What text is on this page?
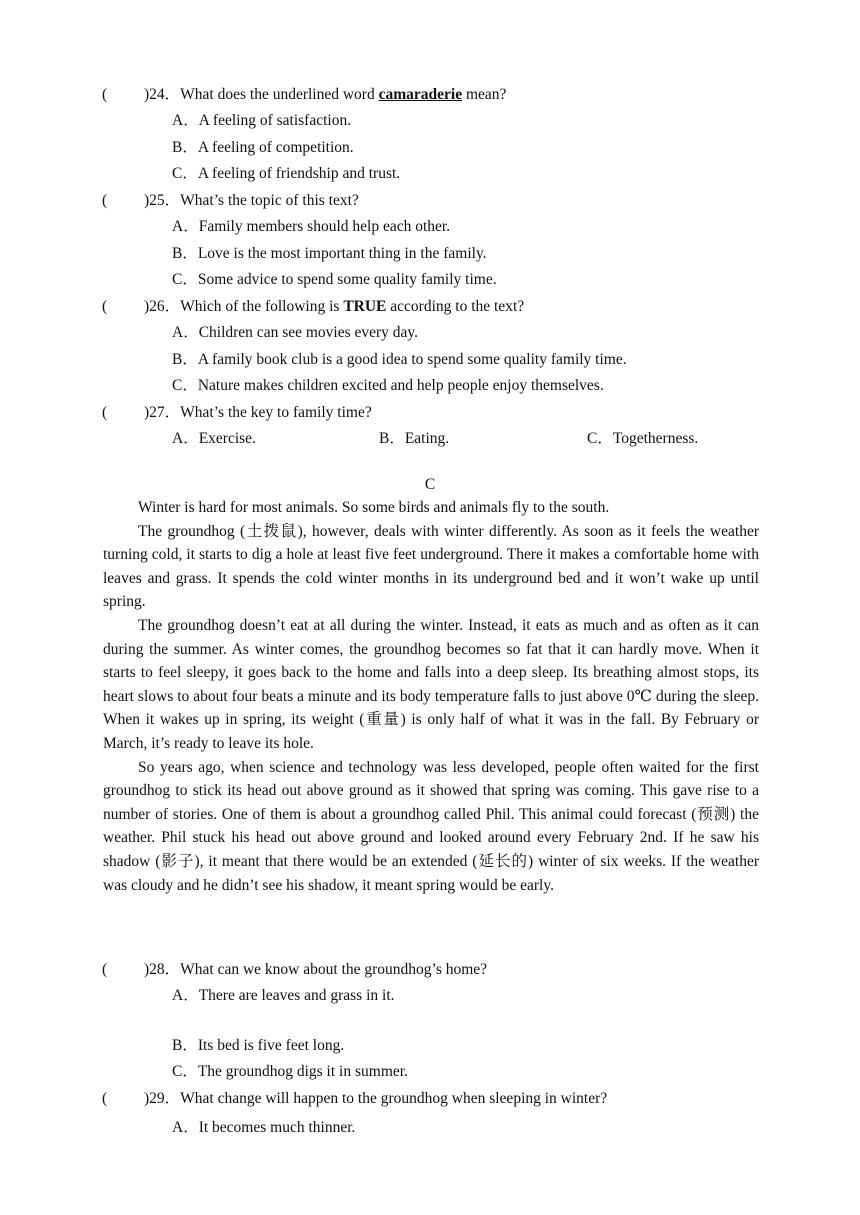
( )24．What does the underlined word camaraderie mean?
A．A feeling of satisfaction.
B．A feeling of competition.
C．A feeling of friendship and trust.
( )25．What’s the topic of this text?
A．Family members should help each other.
B．Love is the most important thing in the family.
C．Some advice to spend some quality family time.
( )26．Which of the following is TRUE according to the text?
A．Children can see movies every day.
B．A family book club is a good idea to spend some quality family time.
C．Nature makes children excited and help people enjoy themselves.
( )27．What’s the key to family time?
A．Exercise.	B．Eating.	C．Togetherness.
C

Winter is hard for most animals. So some birds and animals fly to the south.

The groundhog (土拨鼠), however, deals with winter differently. As soon as it feels the weather turning cold, it starts to dig a hole at least five feet underground. There it makes a comfortable home with leaves and grass. It spends the cold winter months in its underground bed and it won’t wake up until spring.

The groundhog doesn’t eat at all during the winter. Instead, it eats as much and as often as it can during the summer. As winter comes, the groundhog becomes so fat that it can hardly move. When it starts to feel sleepy, it goes back to the home and falls into a deep sleep. Its breathing almost stops, its heart slows to about four beats a minute and its body temperature falls to just above 0℃ during the sleep. When it wakes up in spring, its weight (重量) is only half of what it was in the fall. By February or March, it’s ready to leave its hole.

So years ago, when science and technology was less developed, people often waited for the first groundhog to stick its head out above ground as it showed that spring was coming. This gave rise to a number of stories. One of them is about a groundhog called Phil. This animal could forecast (预测) the weather. Phil stuck his head out above ground and looked around every February 2nd. If he saw his shadow (影子), it meant that there would be an extended (延长的) winter of six weeks. If the weather was cloudy and he didn’t see his shadow, it meant spring would be early.

( )28．What can we know about the groundhog’s home?
A．There are leaves and grass in it.
B．Its bed is five feet long.
C．The groundhog digs it in summer.
( )29．What change will happen to the groundhog when sleeping in winter?
A．It becomes much thinner.
